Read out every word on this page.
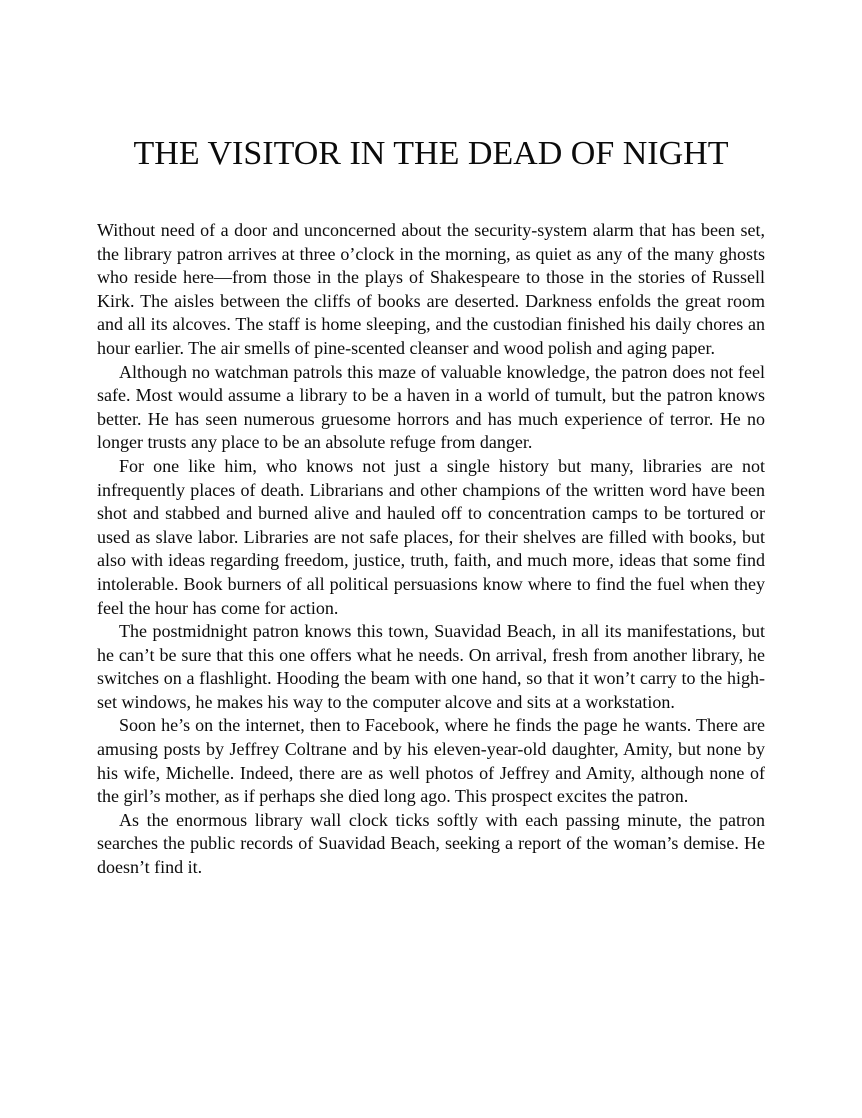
THE VISITOR IN THE DEAD OF NIGHT

Without need of a door and unconcerned about the security-system alarm that has been set, the library patron arrives at three o’clock in the morning, as quiet as any of the many ghosts who reside here—from those in the plays of Shakespeare to those in the stories of Russell Kirk. The aisles between the cliffs of books are deserted. Darkness enfolds the great room and all its alcoves. The staff is home sleeping, and the custodian finished his daily chores an hour earlier. The air smells of pine-scented cleanser and wood polish and aging paper.

Although no watchman patrols this maze of valuable knowledge, the patron does not feel safe. Most would assume a library to be a haven in a world of tumult, but the patron knows better. He has seen numerous gruesome horrors and has much experience of terror. He no longer trusts any place to be an absolute refuge from danger.

For one like him, who knows not just a single history but many, libraries are not infrequently places of death. Librarians and other champions of the written word have been shot and stabbed and burned alive and hauled off to concentration camps to be tortured or used as slave labor. Libraries are not safe places, for their shelves are filled with books, but also with ideas regarding freedom, justice, truth, faith, and much more, ideas that some find intolerable. Book burners of all political persuasions know where to find the fuel when they feel the hour has come for action.

The postmidnight patron knows this town, Suavidad Beach, in all its manifestations, but he can’t be sure that this one offers what he needs. On arrival, fresh from another library, he switches on a flashlight. Hooding the beam with one hand, so that it won’t carry to the high-set windows, he makes his way to the computer alcove and sits at a workstation.

Soon he’s on the internet, then to Facebook, where he finds the page he wants. There are amusing posts by Jeffrey Coltrane and by his eleven-year-old daughter, Amity, but none by his wife, Michelle. Indeed, there are as well photos of Jeffrey and Amity, although none of the girl’s mother, as if perhaps she died long ago. This prospect excites the patron.

As the enormous library wall clock ticks softly with each passing minute, the patron searches the public records of Suavidad Beach, seeking a report of the woman’s demise. He doesn’t find it.
